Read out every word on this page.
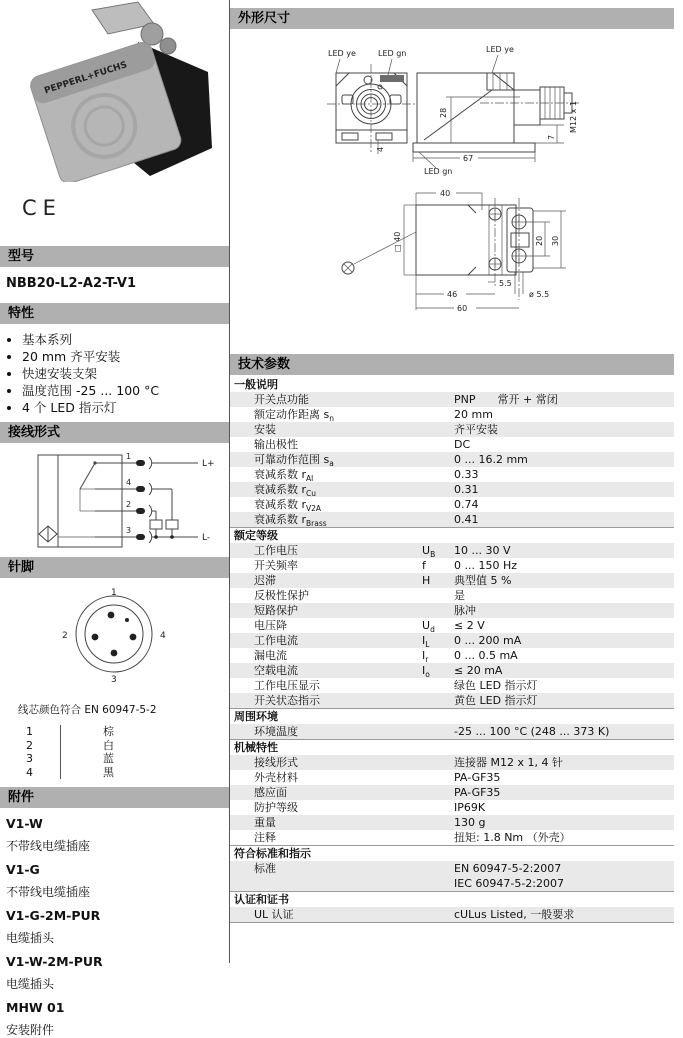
PEPPERL+FUCHS
CE
型号
NBB20-L2-A2-T-V1
特性
• 基本系列
• 20 mm 齐平安装
• 快速安装支架
• 温度范围 -25 ... 100 °C
• 4 个 LED 指示灯
接线形式
1
4
2
3
L+
L-
针脚
1
2	4
3
线芯颜色符合 EN 60947-5-2
1	棕
2	白
3	蓝
4	黑
附件
V1-W
不带线电缆插座
V1-G
不带线电缆插座
V1-G-2M-PUR
电缆插头
V1-W-2M-PUR
电缆插头
MHW 01
安装附件
外形尺寸
LED ye	LED gn
4
LED ye
28
LED gn
67
7
M12 x 1
40
□ 40	20 30
5.5
46	ø 5.5
60
技术参数
一般说明
开关点功能	PNP 常开 + 常闭
额定动作距离 $s_n$	20 mm
安装	齐平安装
输出极性	DC
可靠动作范围 $s_a$	0 ... 16.2 mm
衰减系数 $r_{Al}$	0.33
衰减系数 $r_{Cu}$	0.31
衰减系数 $r_{V2A}$	0.74
衰减系数 $r_{Brass}$	0.41
额定等级
工作电压	$U_B$	10 ... 30 V
开关频率	f	0 ... 150 Hz
迟滞	H	典型值 5 %
反极性保护	是
短路保护	脉冲
电压降	$U_d$	≤ 2 V
工作电流	$I_L$	0 ... 200 mA
漏电流	$I_r$	0 ... 0.5 mA
空载电流	$I_o$	≤ 20 mA
工作电压显示	绿色 LED 指示灯
开关状态指示	黄色 LED 指示灯
周围环境
环境温度	-25 ... 100 °C (248 ... 373 K)
机械特性
接线形式	连接器 M12 x 1, 4 针
外壳材料	PA-GF35
感应面	PA-GF35
防护等级	IP69K
重量	130 g
注释	扭矩: 1.8 Nm （外壳）
符合标准和指示
标准	EN 60947-5-2:2007
IEC 60947-5-2:2007
认证和证书
UL 认证	cULus Listed, 一般要求
